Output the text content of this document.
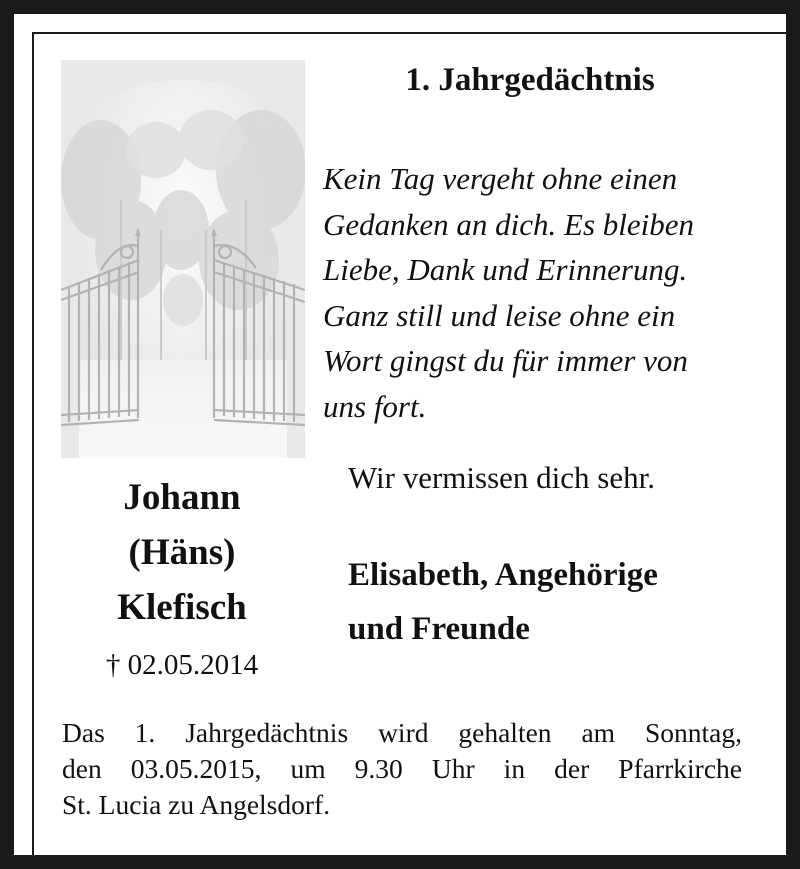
1. Jahrgedächtnis
Kein Tag vergeht ohne einen
Gedanken an dich. Es bleiben
Liebe, Dank und Erinnerung.
Ganz still und leise ohne ein
Wort gingst du für immer von
uns fort.
Wir vermissen dich sehr.
Elisabeth, Angehörige
und Freunde
Johann
(Häns)
Klefisch
† 02.05.2014
Das 1. Jahrgedächtnis wird gehalten am Sonntag,
den 03.05.2015, um 9.30 Uhr in der Pfarrkirche
St. Lucia zu Angelsdorf.
